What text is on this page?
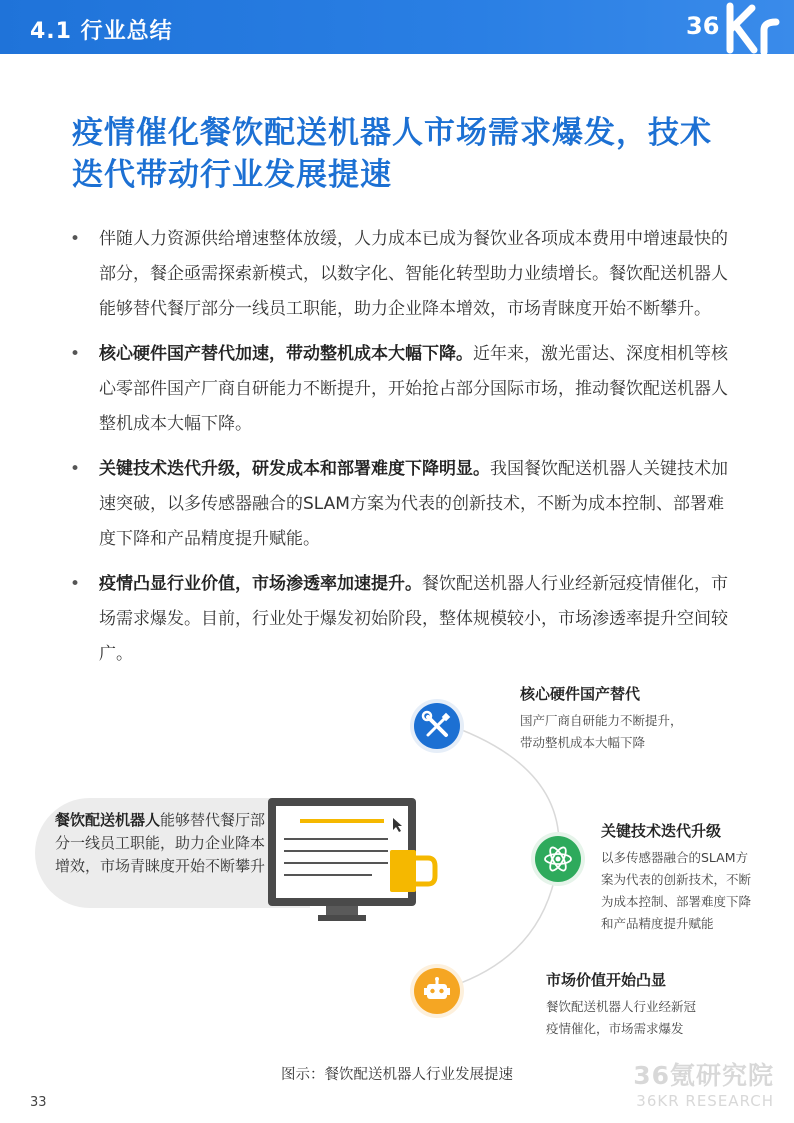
4.1 行业总结	36
疫情催化餐饮配送机器人市场需求爆发，技术
迭代带动行业发展提速
• 伴随人力资源供给增速整体放缓，人力成本已成为餐饮业各项成本费用中增速最快的部分，餐企亟需探索新模式，以数字化、智能化转型助力业绩增长。餐饮配送机器人能够替代餐厅部分一线员工职能，助力企业降本增效，市场青睐度开始不断攀升。
• 核心硬件国产替代加速，带动整机成本大幅下降。近年来，激光雷达、深度相机等核心零部件国产厂商自研能力不断提升，开始抢占部分国际市场，推动餐饮配送机器人整机成本大幅下降。
• 关键技术迭代升级，研发成本和部署难度下降明显。我国餐饮配送机器人关键技术加速突破，以多传感器融合的SLAM方案为代表的创新技术，不断为成本控制、部署难度下降和产品精度提升赋能。
• 疫情凸显行业价值，市场渗透率加速提升。餐饮配送机器人行业经新冠疫情催化，市场需求爆发。目前，行业处于爆发初始阶段，整体规模较小，市场渗透率提升空间较广。
餐饮配送机器人能够替代餐厅部分一线员工职能，助力企业降本增效，市场青睐度开始不断攀升
核心硬件国产替代
国产厂商自研能力不断提升，
带动整机成本大幅下降
关键技术迭代升级
以多传感器融合的SLAM方
案为代表的创新技术，不断
为成本控制、部署难度下降
和产品精度提升赋能
市场价值开始凸显
餐饮配送机器人行业经新冠
疫情催化，市场需求爆发
图示：餐饮配送机器人行业发展提速
33
36氪研究院
36KR RESEARCH
